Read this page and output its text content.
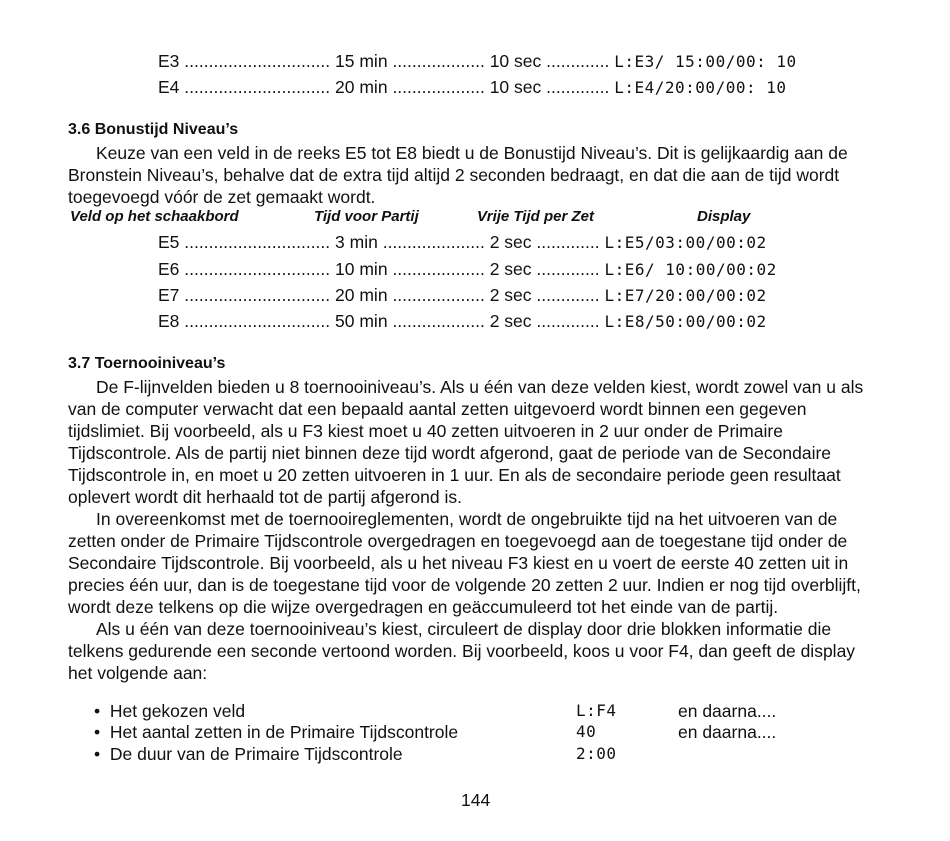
E3 .............................. 15 min ................... 10 sec ............. L:E3/ 15:00/00: 10
E4 .............................. 20 min ................... 10 sec ............. L:E4/20:00/00: 10
3.6 Bonustijd Niveau’s

Keuze van een veld in de reeks E5 tot E8 biedt u de Bonustijd Niveau’s. Dit is gelijkaardig aan de Bronstein Niveau’s, behalve dat de extra tijd altijd 2 seconden bedraagt, en dat die aan de tijd wordt toegevoegd vóór de zet gemaakt wordt.

Veld op het schaakbord	Tijd voor Partij	Vrije Tijd per Zet	Display
E5 .............................. 3 min ..................... 2 sec ............. L:E5/03:00/00:02
E6 .............................. 10 min ................... 2 sec ............. L:E6/ 10:00/00:02
E7 .............................. 20 min ................... 2 sec ............. L:E7/20:00/00:02
E8 .............................. 50 min ................... 2 sec ............. L:E8/50:00/00:02
3.7 Toernooiniveau’s

De F-lijnvelden bieden u 8 toernooiniveau’s. Als u één van deze velden kiest, wordt zowel van u als van de computer verwacht dat een bepaald aantal zetten uitgevoerd wordt binnen een gegeven tijdslimiet. Bij voorbeeld, als u F3 kiest moet u 40 zetten uitvoeren in 2 uur onder de Primaire Tijdscontrole. Als de partij niet binnen deze tijd wordt afgerond, gaat de periode van de Secondaire Tijdscontrole in, en moet u 20 zetten uitvoeren in 1 uur. En als de secondaire periode geen resultaat oplevert wordt dit herhaald tot de partij afgerond is.

In overeenkomst met de toernooireglementen, wordt de ongebruikte tijd na het uitvoeren van de zetten onder de Primaire Tijdscontrole overgedragen en toegevoegd aan de toegestane tijd onder de Secondaire Tijdscontrole. Bij voorbeeld, als u het niveau F3 kiest en u voert de eerste 40 zetten uit in precies één uur, dan is de toegestane tijd voor de volgende 20 zetten 2 uur. Indien er nog tijd overblijft, wordt deze telkens op die wijze overgedragen en geäccumuleerd tot het einde van de partij.

Als u één van deze toernooiniveau’s kiest, circuleert de display door drie blokken informatie die telkens gedurende een seconde vertoond worden. Bij voorbeeld, koos u voor F4, dan geeft de display het volgende aan:

• Het gekozen veld	L:F4	en daarna....
• Het aantal zetten in de Primaire Tijdscontrole	40	en daarna....
• De duur van de Primaire Tijdscontrole	2:00
144
